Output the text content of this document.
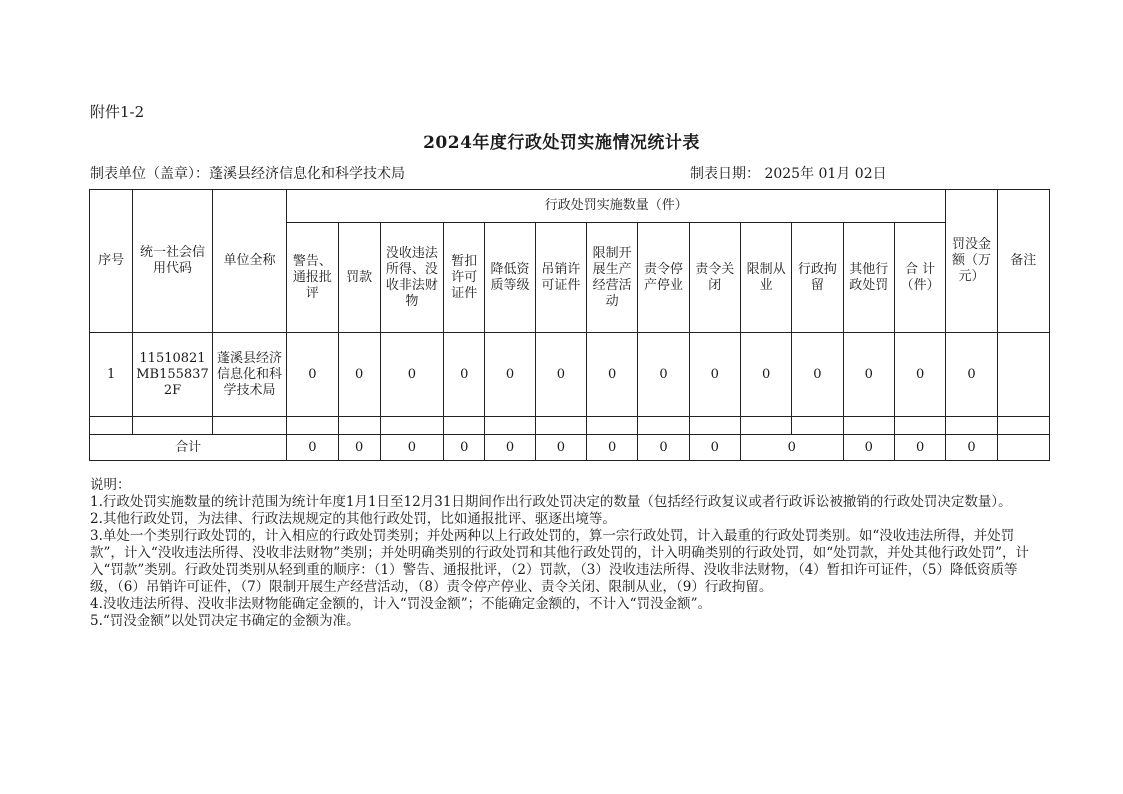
附件1-2
2024年度行政处罚实施情况统计表
制表单位（盖章）：蓬溪县经济信息化和科学技术局	制表日期： 2025年 01月 02日
序号	统一社会信用代码	单位全称	行政处罚实施数量（件）													罚没金额（万元）	备注
			警告、通报批评	罚款	没收违法所得、没收非法财物	暂扣许可证件	降低资质等级	吊销许可证件	限制开展生产经营活动	责令停产停业	责令关闭	限制从业	行政拘留	其他行政处罚	合 计（件）		
1	11510821MB1558372F	蓬溪县经济信息化和科学技术局	0	0	0	0	0	0	0	0	0	0	0	0	0	0	

合计			0	0	0	0	0	0	0	0	0	0		0	0	0	

说明：

1.行政处罚实施数量的统计范围为统计年度1月1日至12月31日期间作出行政处罚决定的数量（包括经行政复议或者行政诉讼被撤销的行政处罚决定数量）。

2.其他行政处罚，为法律、行政法规规定的其他行政处罚，比如通报批评、驱逐出境等。

3.单处一个类别行政处罚的，计入相应的行政处罚类别；并处两种以上行政处罚的，算一宗行政处罚，计入最重的行政处罚类别。如“没收违法所得，并处罚款”，计入“没收违法所得、没收非法财物”类别；并处明确类别的行政处罚和其他行政处罚的，计入明确类别的行政处罚，如“处罚款，并处其他行政处罚”，计入“罚款”类别。行政处罚类别从轻到重的顺序：（1）警告、通报批评，（2）罚款，（3）没收违法所得、没收非法财物，（4）暂扣许可证件，（5）降低资质等级，（6）吊销许可证件，（7）限制开展生产经营活动，（8）责令停产停业、责令关闭、限制从业，（9）行政拘留。

4.没收违法所得、没收非法财物能确定金额的，计入“罚没金额”；不能确定金额的，不计入“罚没金额”。

5.“罚没金额”以处罚决定书确定的金额为准。
